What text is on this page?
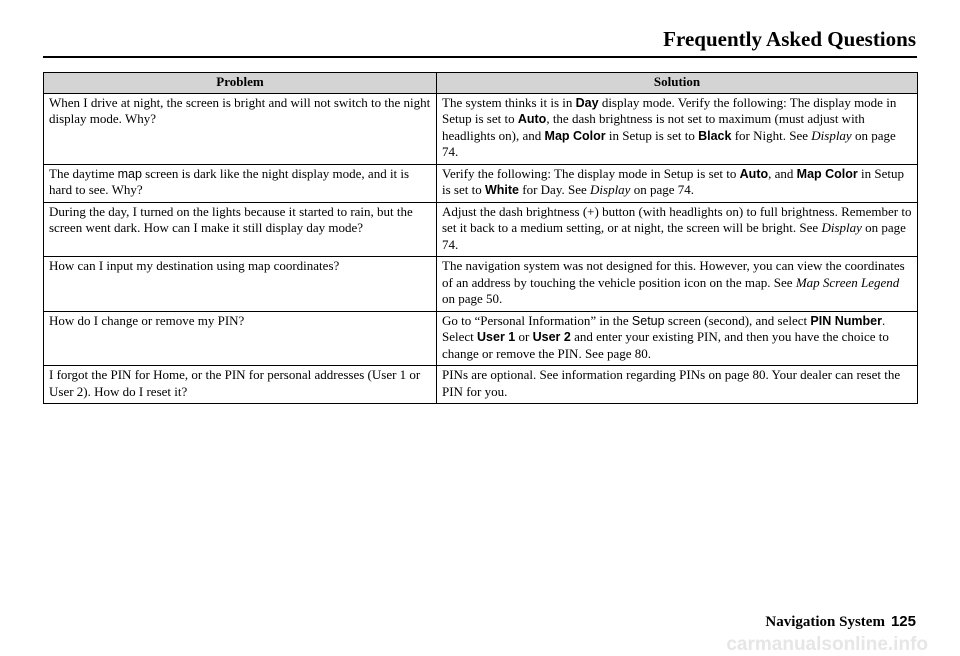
Frequently Asked Questions
Problem	Solution
When I drive at night, the screen is bright and will not switch to the night display mode. Why?	The system thinks it is in Day display mode. Verify the following: The display mode in Setup is set to Auto, the dash brightness is not set to maximum (must adjust with headlights on), and Map Color in Setup is set to Black for Night. See Display on page 74.
The daytime map screen is dark like the night display mode, and it is hard to see. Why?	Verify the following: The display mode in Setup is set to Auto, and Map Color in Setup is set to White for Day. See Display on page 74.
During the day, I turned on the lights because it started to rain, but the screen went dark. How can I make it still display day mode?	Adjust the dash brightness (+) button (with headlights on) to full brightness. Remember to set it back to a medium setting, or at night, the screen will be bright. See Display on page 74.
How can I input my destination using map coordinates?	The navigation system was not designed for this. However, you can view the coordinates of an address by touching the vehicle position icon on the map. See Map Screen Legend on page 50.
How do I change or remove my PIN?	Go to “Personal Information” in the Setup screen (second), and select PIN Number. Select User 1 or User 2 and enter your existing PIN, and then you have the choice to change or remove the PIN. See page 80.
I forgot the PIN for Home, or the PIN for personal addresses (User 1 or User 2). How do I reset it?	PINs are optional. See information regarding PINs on page 80. Your dealer can reset the PIN for you.
Navigation System 125
carmanualsonline.info
